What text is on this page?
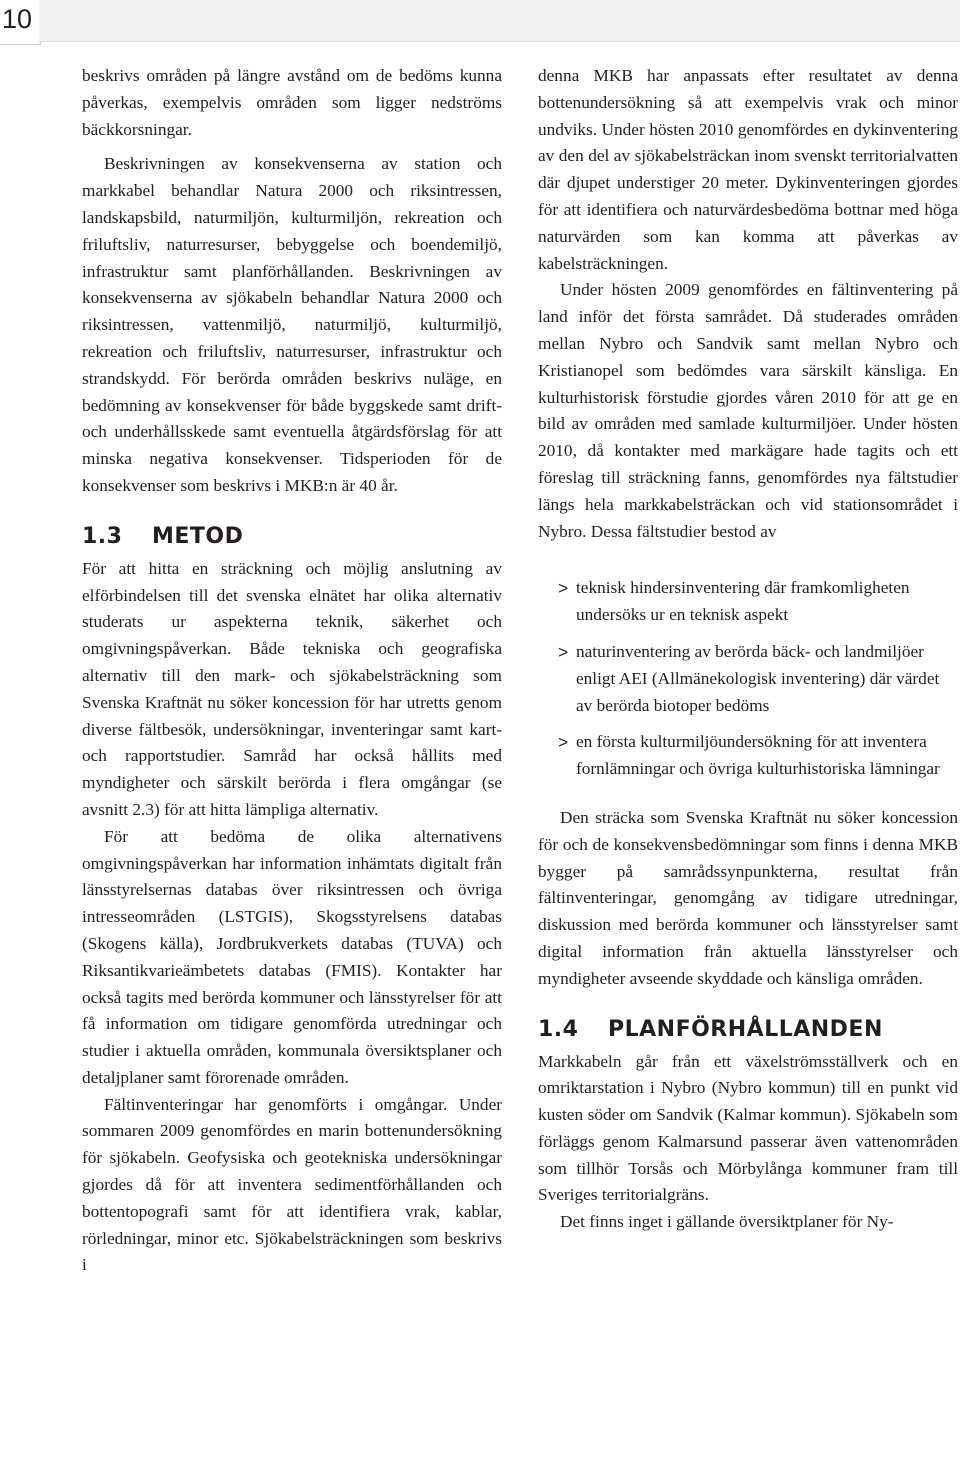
10

beskrivs områden på längre avstånd om de bedöms kunna påverkas, exempelvis områden som ligger nedströms bäckkorsningar.

Beskrivningen av konsekvenserna av station och markkabel behandlar Natura 2000 och riksintressen, landskapsbild, naturmiljön, kulturmiljön, rekreation och friluftsliv, naturresurser, bebyggelse och boendemiljö, infrastruktur samt planförhållanden. Beskrivningen av konsekvenserna av sjökabeln behandlar Natura 2000 och riksintressen, vattenmiljö, naturmiljö, kulturmiljö, rekreation och friluftsliv, naturresurser, infrastruktur och strandskydd. För berörda områden beskrivs nuläge, en bedömning av konsekvenser för både byggskede samt drift- och underhållsskede samt eventuella åtgärdsförslag för att minska negativa konsekvenser. Tidsperioden för de konsekvenser som beskrivs i MKB:n är 40 år.

1.3 METOD

För att hitta en sträckning och möjlig anslutning av elförbindelsen till det svenska elnätet har olika alternativ studerats ur aspekterna teknik, säkerhet och omgivningspåverkan. Både tekniska och geografiska alternativ till den mark- och sjökabelsträckning som Svenska Kraftnät nu söker koncession för har utretts genom diverse fältbesök, undersökningar, inventeringar samt kart- och rapportstudier. Samråd har också hållits med myndigheter och särskilt berörda i flera omgångar (se avsnitt 2.3) för att hitta lämpliga alternativ.

För att bedöma de olika alternativens omgivningspåverkan har information inhämtats digitalt från länsstyrelsernas databas över riksintressen och övriga intresseområden (LSTGIS), Skogsstyrelsens databas (Skogens källa), Jordbrukverkets databas (TUVA) och Riksantikvarieämbetets databas (FMIS). Kontakter har också tagits med berörda kommuner och länsstyrelser för att få information om tidigare genomförda utredningar och studier i aktuella områden, kommunala översiktsplaner och detaljplaner samt förorenade områden.

Fältinventeringar har genomförts i omgångar. Under sommaren 2009 genomfördes en marin bottenundersökning för sjökabeln. Geofysiska och geotekniska undersökningar gjordes då för att inventera sedimentförhållanden och bottentopografi samt för att identifiera vrak, kablar, rörledningar, minor etc. Sjökabelsträckningen som beskrivs i

denna MKB har anpassats efter resultatet av denna bottenundersökning så att exempelvis vrak och minor undviks. Under hösten 2010 genomfördes en dykinventering av den del av sjökabelsträckan inom svenskt territorialvatten där djupet understiger 20 meter. Dykinventeringen gjordes för att identifiera och naturvärdesbedöma bottnar med höga naturvärden som kan komma att påverkas av kabelsträckningen.

Under hösten 2009 genomfördes en fältinventering på land inför det första samrådet. Då studerades områden mellan Nybro och Sandvik samt mellan Nybro och Kristianopel som bedömdes vara särskilt känsliga. En kulturhistorisk förstudie gjordes våren 2010 för att ge en bild av områden med samlade kulturmiljöer. Under hösten 2010, då kontakter med markägare hade tagits och ett föreslag till sträckning fanns, genomfördes nya fältstudier längs hela markkabelsträckan och vid stationsområdet i Nybro. Dessa fältstudier bestod av

> teknisk hindersinventering där framkomligheten undersöks ur en teknisk aspekt
> naturinventering av berörda bäck- och landmiljöer enligt AEI (Allmänekologisk inventering) där värdet av berörda biotoper bedöms
> en första kulturmiljöundersökning för att inventera fornlämningar och övriga kulturhistoriska lämningar

Den sträcka som Svenska Kraftnät nu söker koncession för och de konsekvensbedömningar som finns i denna MKB bygger på samrådssynpunkterna, resultat från fältinventeringar, genomgång av tidigare utredningar, diskussion med berörda kommuner och länsstyrelser samt digital information från aktuella länsstyrelser och myndigheter avseende skyddade och känsliga områden.

1.4 PLANFÖRHÅLLANDEN

Markkabeln går från ett växelströmsställverk och en omriktarstation i Nybro (Nybro kommun) till en punkt vid kusten söder om Sandvik (Kalmar kommun). Sjökabeln som förläggs genom Kalmarsund passerar även vattenområden som tillhör Torsås och Mörbylånga kommuner fram till Sveriges territorialgräns.

Det finns inget i gällande översiktplaner för Ny-
